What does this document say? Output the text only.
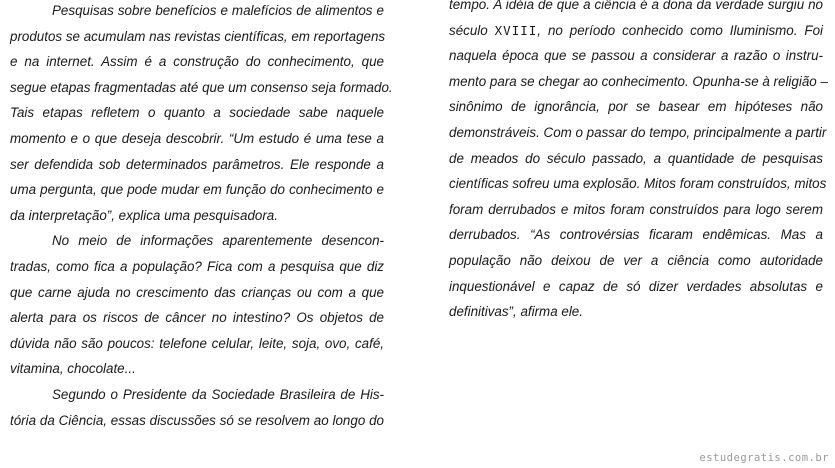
Pesquisas sobre benefícios e malefícios de alimentos e
produtos se acumulam nas revistas científicas, em reportagens
e na internet. Assim é a construção do conhecimento, que
segue etapas fragmentadas até que um consenso seja formado.
Tais etapas refletem o quanto a sociedade sabe naquele
momento e o que deseja descobrir. “Um estudo é uma tese a
ser defendida sob determinados parâmetros. Ele responde a
uma pergunta, que pode mudar em função do conhecimento e
da interpretação”, explica uma pesquisadora.
No meio de informações aparentemente desencon-
tradas, como fica a população? Fica com a pesquisa que diz
que carne ajuda no crescimento das crianças ou com a que
alerta para os riscos de câncer no intestino? Os objetos de
dúvida não são poucos: telefone celular, leite, soja, ovo, café,
vitamina, chocolate...
Segundo o Presidente da Sociedade Brasileira de His-
tória da Ciência, essas discussões só se resolvem ao longo do
tempo. A idéia de que a ciência é a dona da verdade surgiu no
século XVIII, no período conhecido como Iluminismo. Foi
naquela época que se passou a considerar a razão o instru-
mento para se chegar ao conhecimento. Opunha-se à religião –
sinônimo de ignorância, por se basear em hipóteses não
demonstráveis. Com o passar do tempo, principalmente a partir
de meados do século passado, a quantidade de pesquisas
científicas sofreu uma explosão. Mitos foram construídos, mitos
foram derrubados e mitos foram construídos para logo serem
derrubados. “As controvérsias ficaram endêmicas. Mas a
população não deixou de ver a ciência como autoridade
inquestionável e capaz de só dizer verdades absolutas e
definitivas”, afirma ele.
estudegratis.com.br
